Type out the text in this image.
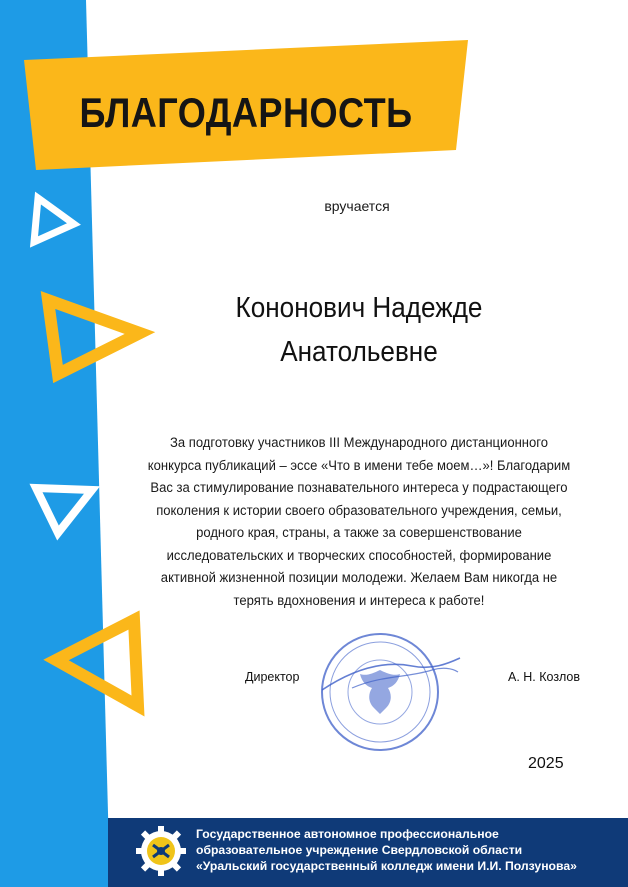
БЛАГОДАРНОСТЬ
вручается
Кононович Надежде
Анатольевне
За подготовку участников III Международного дистанционного
конкурса публикаций – эссе «Что в имени тебе моем…»! Благодарим
Вас за стимулирование познавательного интереса у подрастающего
поколения к истории своего образовательного учреждения, семьи,
родного края, страны, а также за совершенствование
исследовательских и творческих способностей, формирование
активной жизненной позиции молодежи. Желаем Вам никогда не
терять вдохновения и интереса к работе!
Директор	А. Н. Козлов
2025
Государственное автономное профессиональное
образовательное учреждение Свердловской области
«Уральский государственный колледж имени И.И. Ползунова»
